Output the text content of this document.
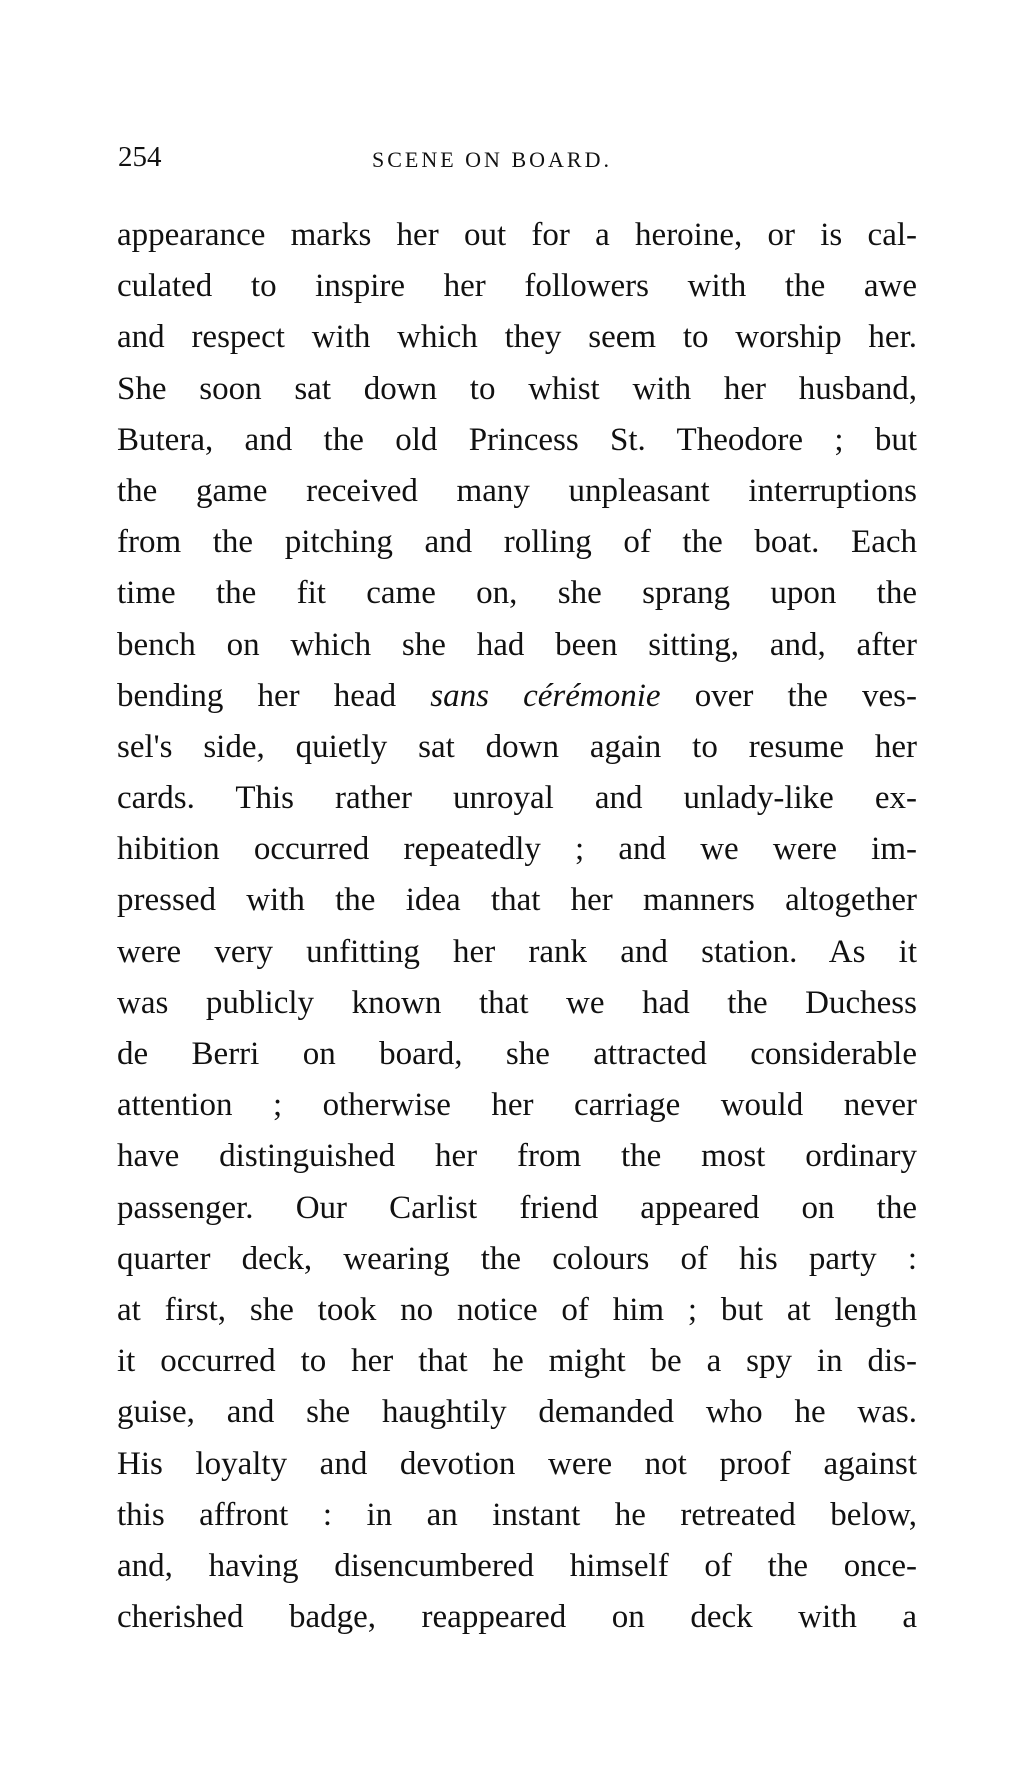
254	SCENE ON BOARD.
appearance marks her out for a heroine, or is cal-
culated to inspire her followers with the awe
and respect with which they seem to worship her.
She soon sat down to whist with her husband,
Butera, and the old Princess St. Theodore ; but
the game received many unpleasant interruptions
from the pitching and rolling of the boat. Each
time the fit came on, she sprang upon the
bench on which she had been sitting, and, after
bending her head sans cérémonie over the ves-
sel's side, quietly sat down again to resume her
cards. This rather unroyal and unlady-like ex-
hibition occurred repeatedly ; and we were im-
pressed with the idea that her manners altogether
were very unfitting her rank and station. As it
was publicly known that we had the Duchess
de Berri on board, she attracted considerable
attention ; otherwise her carriage would never
have distinguished her from the most ordinary
passenger. Our Carlist friend appeared on the
quarter deck, wearing the colours of his party :
at first, she took no notice of him ; but at length
it occurred to her that he might be a spy in dis-
guise, and she haughtily demanded who he was.
His loyalty and devotion were not proof against
this affront : in an instant he retreated below,
and, having disencumbered himself of the once-
cherished badge, reappeared on deck with a
